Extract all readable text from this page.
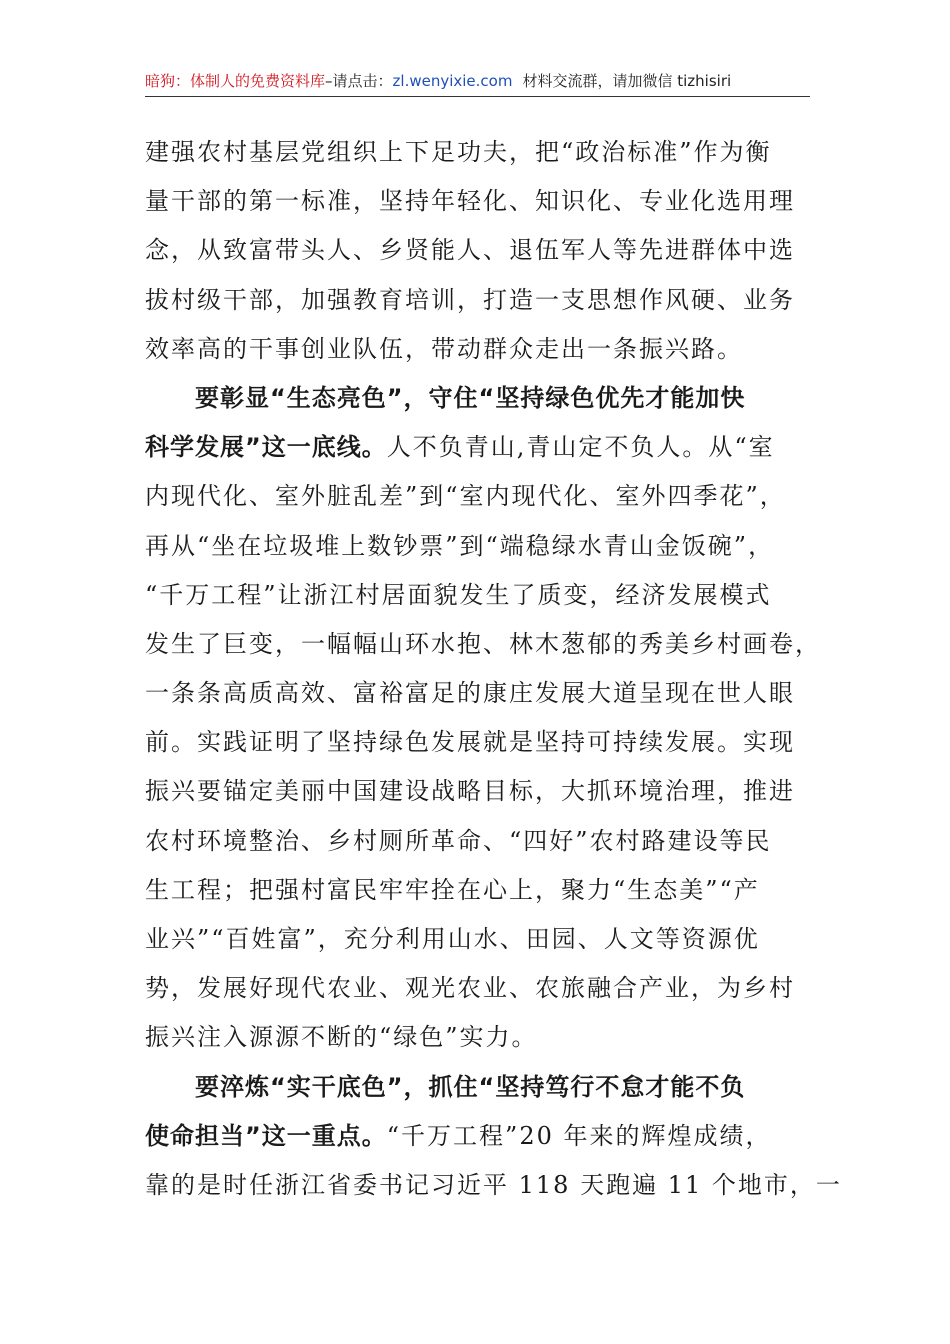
暗狗：体制人的免费资料库–请点击：zl.wenyixie.com 材料交流群，请加微信 tizhisiri
建强农村基层党组织上下足功夫，把“政治标准”作为衡
量干部的第一标准，坚持年轻化、知识化、专业化选用理
念，从致富带头人、乡贤能人、退伍军人等先进群体中选
拔村级干部，加强教育培训，打造一支思想作风硬、业务
效率高的干事创业队伍，带动群众走出一条振兴路。
要彰显“生态亮色”，守住“坚持绿色优先才能加快
科学发展”这一底线。人不负青山,青山定不负人。从“室
内现代化、室外脏乱差”到“室内现代化、室外四季花”，
再从“坐在垃圾堆上数钞票”到“端稳绿水青山金饭碗”，
“千万工程”让浙江村居面貌发生了质变，经济发展模式
发生了巨变，一幅幅山环水抱、林木葱郁的秀美乡村画卷，
一条条高质高效、富裕富足的康庄发展大道呈现在世人眼
前。实践证明了坚持绿色发展就是坚持可持续发展。实现
振兴要锚定美丽中国建设战略目标，大抓环境治理，推进
农村环境整治、乡村厕所革命、“四好”农村路建设等民
生工程；把强村富民牢牢拴在心上，聚力“生态美”“产
业兴”“百姓富”，充分利用山水、田园、人文等资源优
势，发展好现代农业、观光农业、农旅融合产业，为乡村
振兴注入源源不断的“绿色”实力。
要淬炼“实干底色”，抓住“坚持笃行不怠才能不负
使命担当”这一重点。“千万工程”20 年来的辉煌成绩，
靠的是时任浙江省委书记习近平 118 天跑遍 11 个地市，一
